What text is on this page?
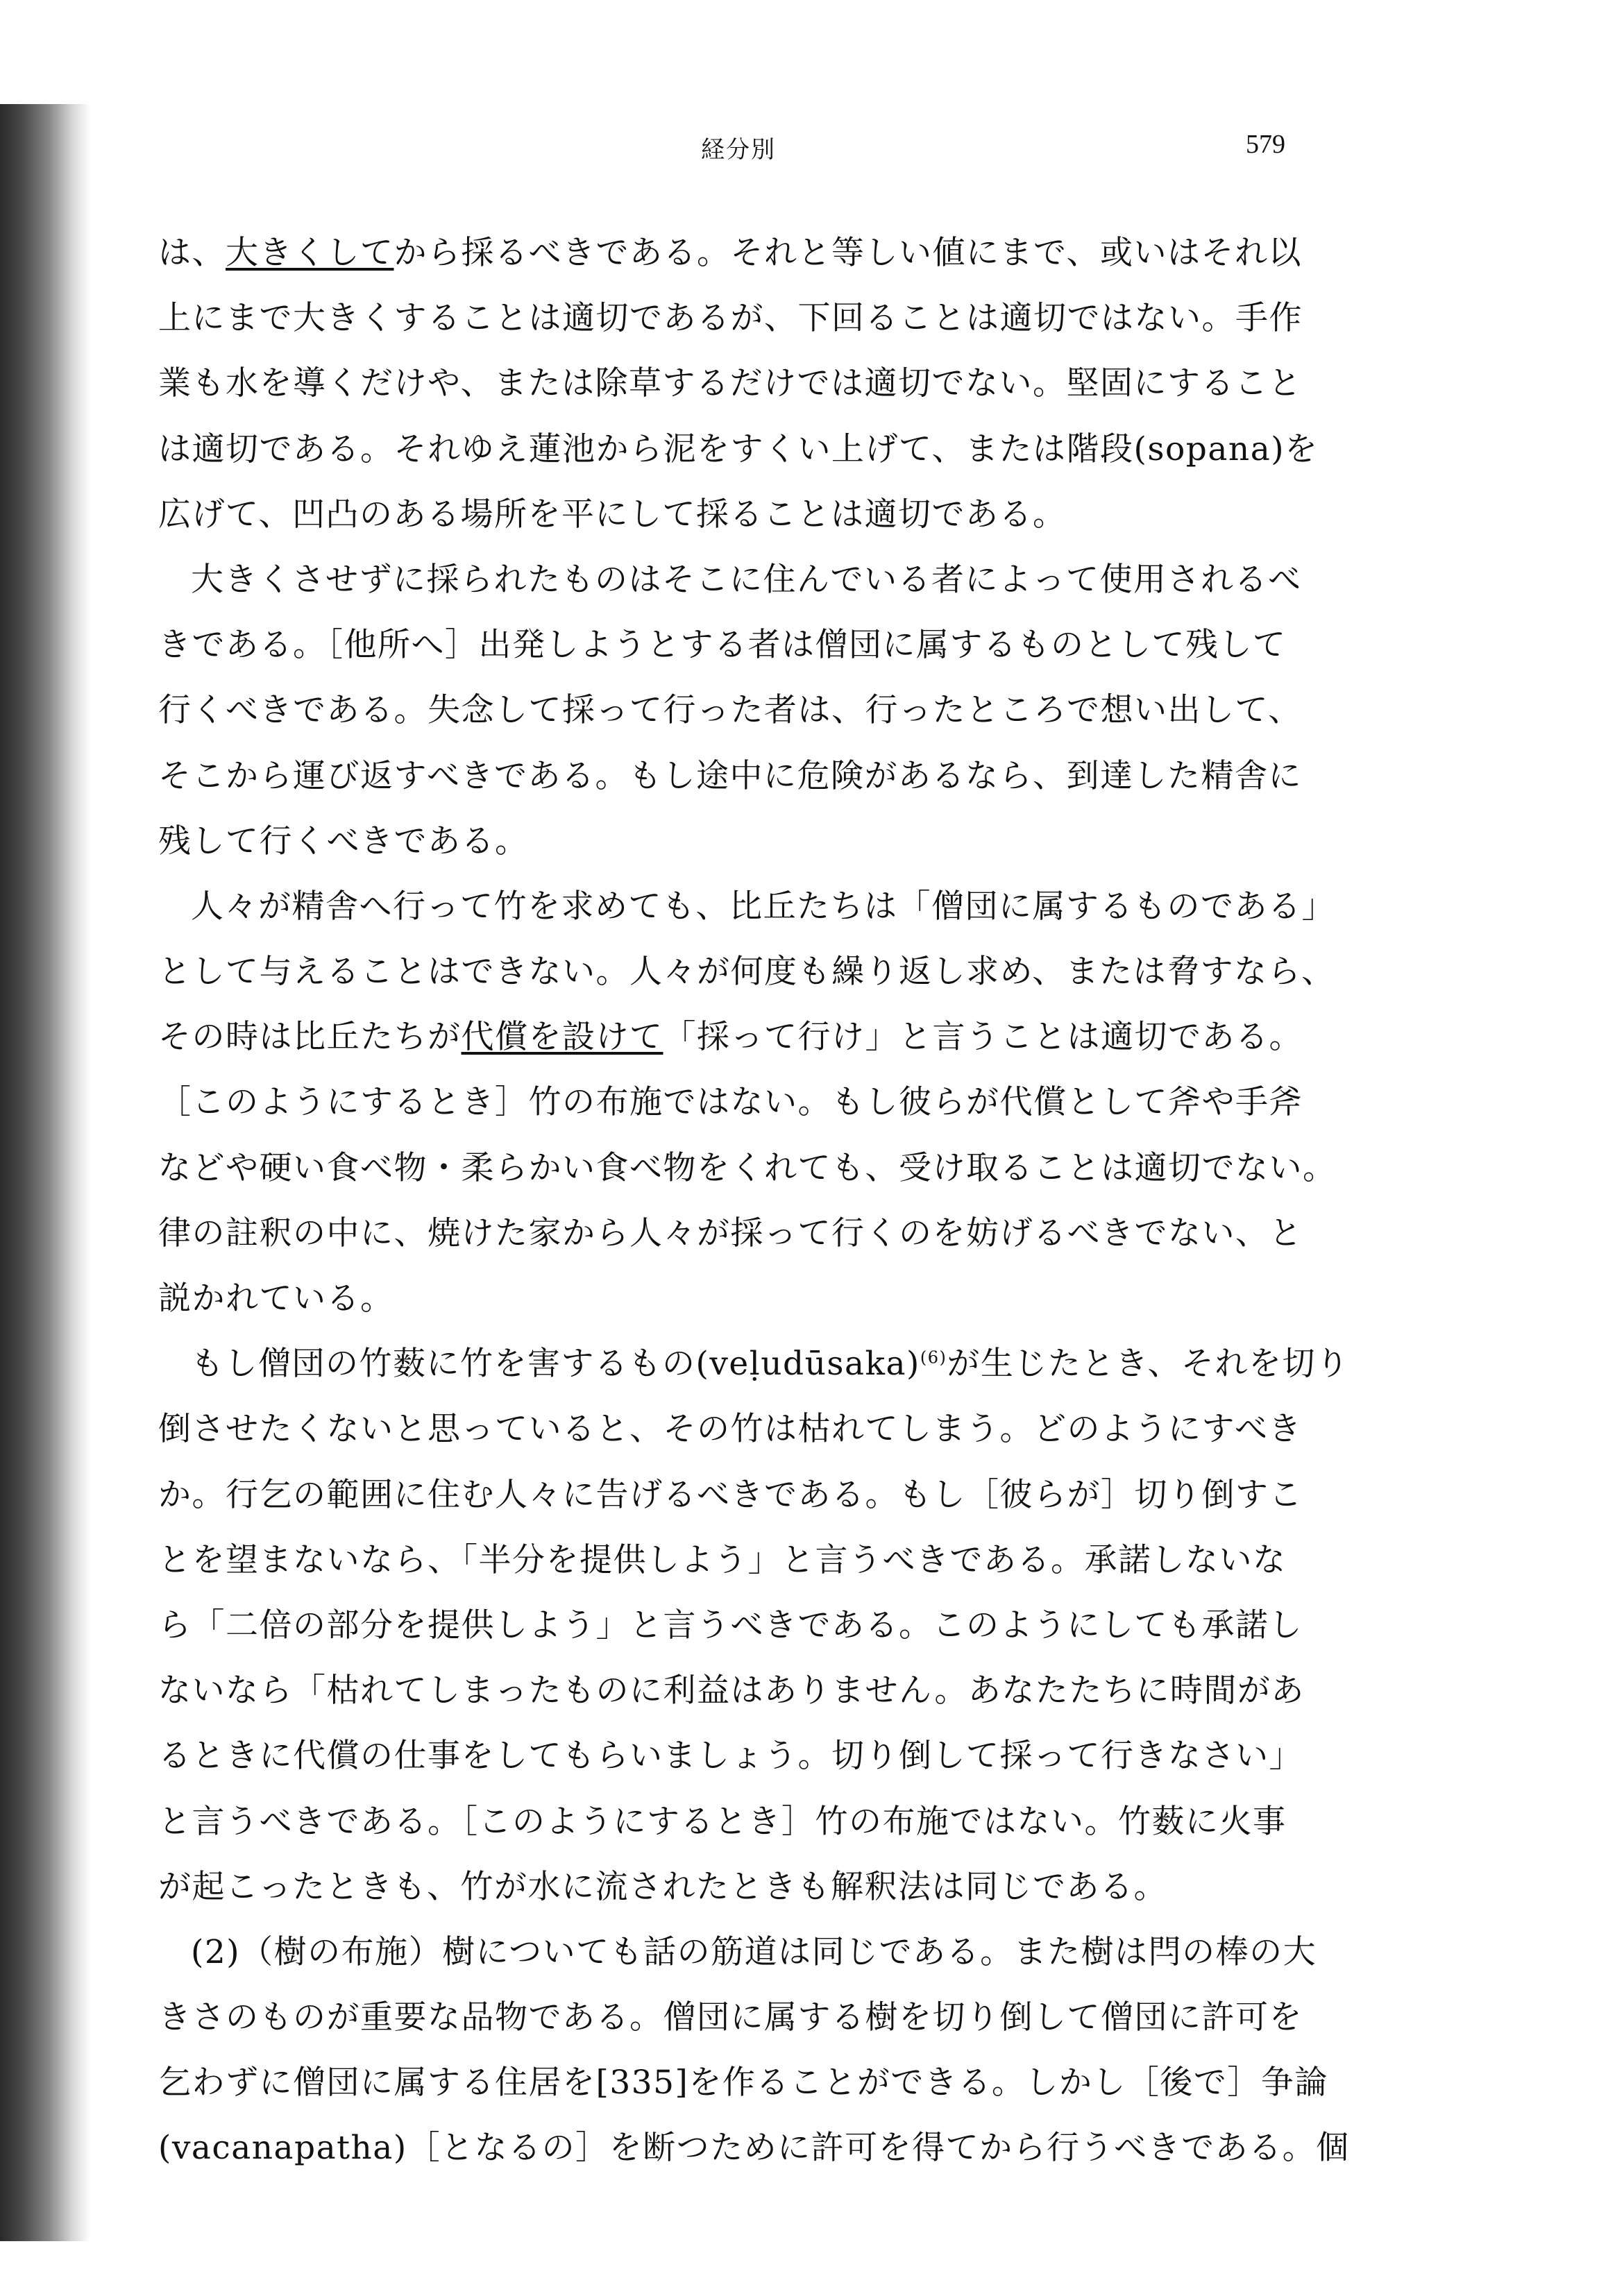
経分別	579
は、大きくしてから採るべきである。それと等しい値にまで、或いはそれ以
上にまで大きくすることは適切であるが、下回ることは適切ではない。手作
業も水を導くだけや、または除草するだけでは適切でない。堅固にすること
は適切である。それゆえ蓮池から泥をすくい上げて、または階段(sopana)を
広げて、凹凸のある場所を平にして採ることは適切である。
大きくさせずに採られたものはそこに住んでいる者によって使用されるべ
きである。［他所へ］出発しようとする者は僧団に属するものとして残して
行くべきである。失念して採って行った者は、行ったところで想い出して、
そこから運び返すべきである。もし途中に危険があるなら、到達した精舎に
残して行くべきである。
人々が精舎へ行って竹を求めても、比丘たちは「僧団に属するものである」
として与えることはできない。人々が何度も繰り返し求め、または脅すなら、
その時は比丘たちが代償を設けて「採って行け」と言うことは適切である。
［このようにするとき］竹の布施ではない。もし彼らが代償として斧や手斧
などや硬い食べ物・柔らかい食べ物をくれても、受け取ることは適切でない。
律の註釈の中に、焼けた家から人々が採って行くのを妨げるべきでない、と
説かれている。
もし僧団の竹薮に竹を害するもの(veḷudūsaka)$^{(6)}$が生じたとき、それを切り
倒させたくないと思っていると、その竹は枯れてしまう。どのようにすべき
か。行乞の範囲に住む人々に告げるべきである。もし［彼らが］切り倒すこ
とを望まないなら、「半分を提供しよう」と言うべきである。承諾しないな
ら「二倍の部分を提供しよう」と言うべきである。このようにしても承諾し
ないなら「枯れてしまったものに利益はありません。あなたたちに時間があ
るときに代償の仕事をしてもらいましょう。切り倒して採って行きなさい」
と言うべきである。［このようにするとき］竹の布施ではない。竹薮に火事
が起こったときも、竹が水に流されたときも解釈法は同じである。
(2)（樹の布施）樹についても話の筋道は同じである。また樹は閂の棒の大
きさのものが重要な品物である。僧団に属する樹を切り倒して僧団に許可を
乞わずに僧団に属する住居を[335]を作ることができる。しかし［後で］争論
(vacanapatha)［となるの］を断つために許可を得てから行うべきである。個
